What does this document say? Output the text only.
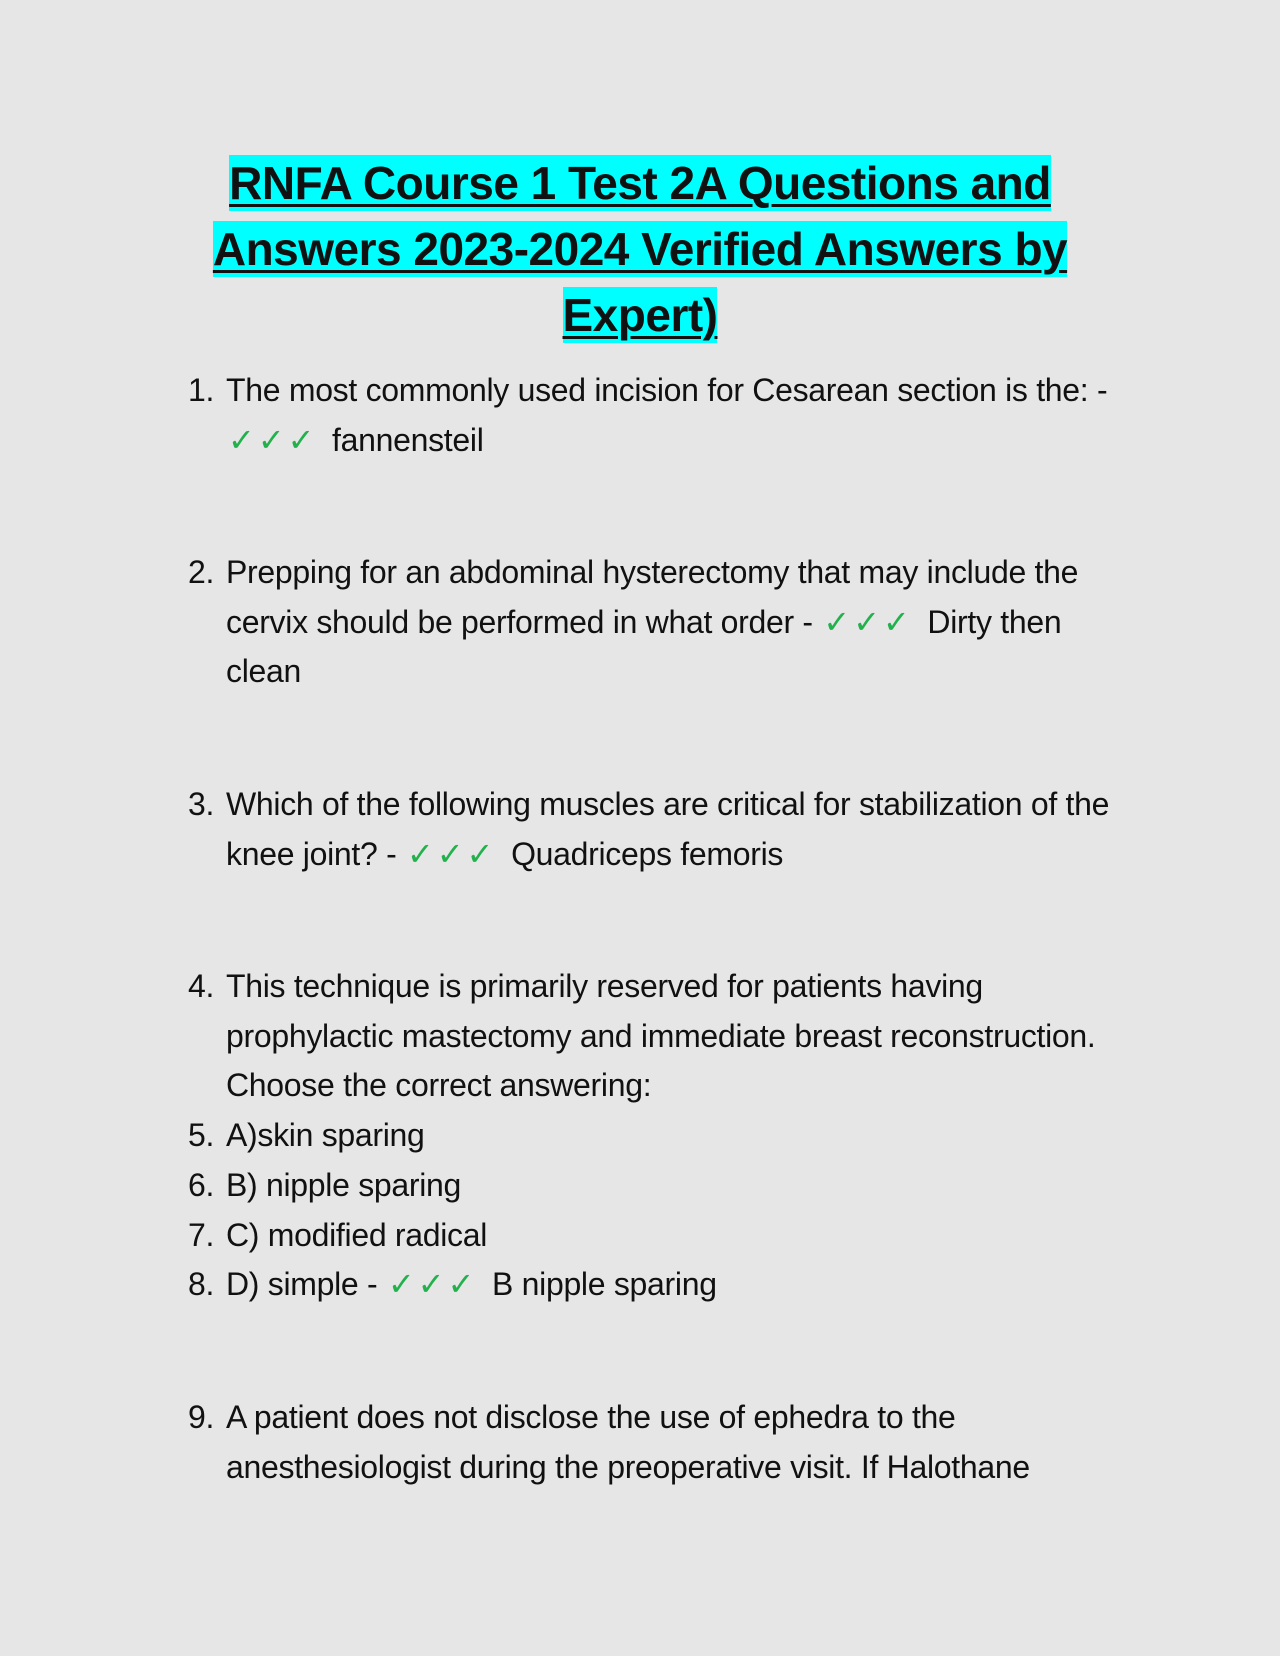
RNFA Course 1 Test 2A Questions and Answers 2023-2024 Verified Answers by Expert)
1. The most commonly used incision for Cesarean section is the: - ✓✓✓ fannensteil
2. Prepping for an abdominal hysterectomy that may include the cervix should be performed in what order - ✓✓✓ Dirty then clean
3. Which of the following muscles are critical for stabilization of the knee joint? - ✓✓✓ Quadriceps femoris
4. This technique is primarily reserved for patients having prophylactic mastectomy and immediate breast reconstruction. Choose the correct answering:
5. A)skin sparing
6. B) nipple sparing
7. C) modified radical
8. D) simple - ✓✓✓ B nipple sparing
9. A patient does not disclose the use of ephedra to the anesthesiologist during the preoperative visit. If Halothane
